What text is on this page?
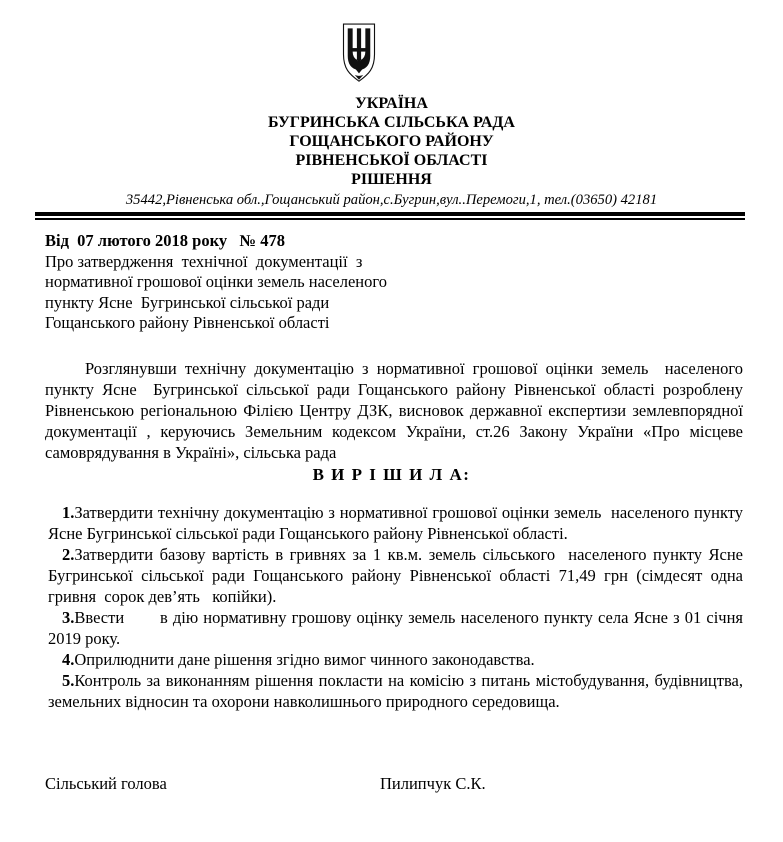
УКРАЇНА
БУГРИНСЬКА СІЛЬСЬКА РАДА
ГОЩАНСЬКОГО РАЙОНУ
РІВНЕНСЬКОЇ ОБЛАСТІ
РІШЕННЯ
35442,Рівненська обл.,Гощанський район,с.Бугрин,вул..Перемоги,1, тел.(03650) 42181
Від  07 лютого 2018 року   № 478
Про затвердження  технічної  документації  з
нормативної грошової оцінки земель населеного
пункту Ясне  Бугринської сільської ради
Гощанського району Рівненської області
Розглянувши технічну документацію з нормативної грошової оцінки земель  населеного пункту Ясне  Бугринської сільської ради Гощанського району Рівненської області розроблену Рівненською регіональною Філією Центру ДЗК, висновок державної експертизи землевпорядної документації , керуючись Земельним кодексом України, ст.26 Закону України «Про місцеве самоврядування в Україні», сільська рада
В И Р І Ш И Л А:

1.Затвердити технічну документацію з нормативної грошової оцінки земель  населеного пункту Ясне Бугринської сільської ради Гощанського району Рівненської області.

2.Затвердити базову вартість в гривнях за 1 кв.м. земель сільського  населеного пункту Ясне Бугринської сільської ради Гощанського району Рівненської області 71,49 грн (сімдесят одна гривня  сорок дев’ять   копійки).

3.Ввести       в дію нормативну грошову оцінку земель населеного пункту села Ясне з 01 січня 2019 року.

4.Оприлюднити дане рішення згідно вимог чинного законодавства.

5.Контроль за виконанням рішення покласти на комісію з питань містобудування, будівництва, земельних відносин та охорони навколишнього природного середовища.

Сільський голова	Пилипчук С.К.
